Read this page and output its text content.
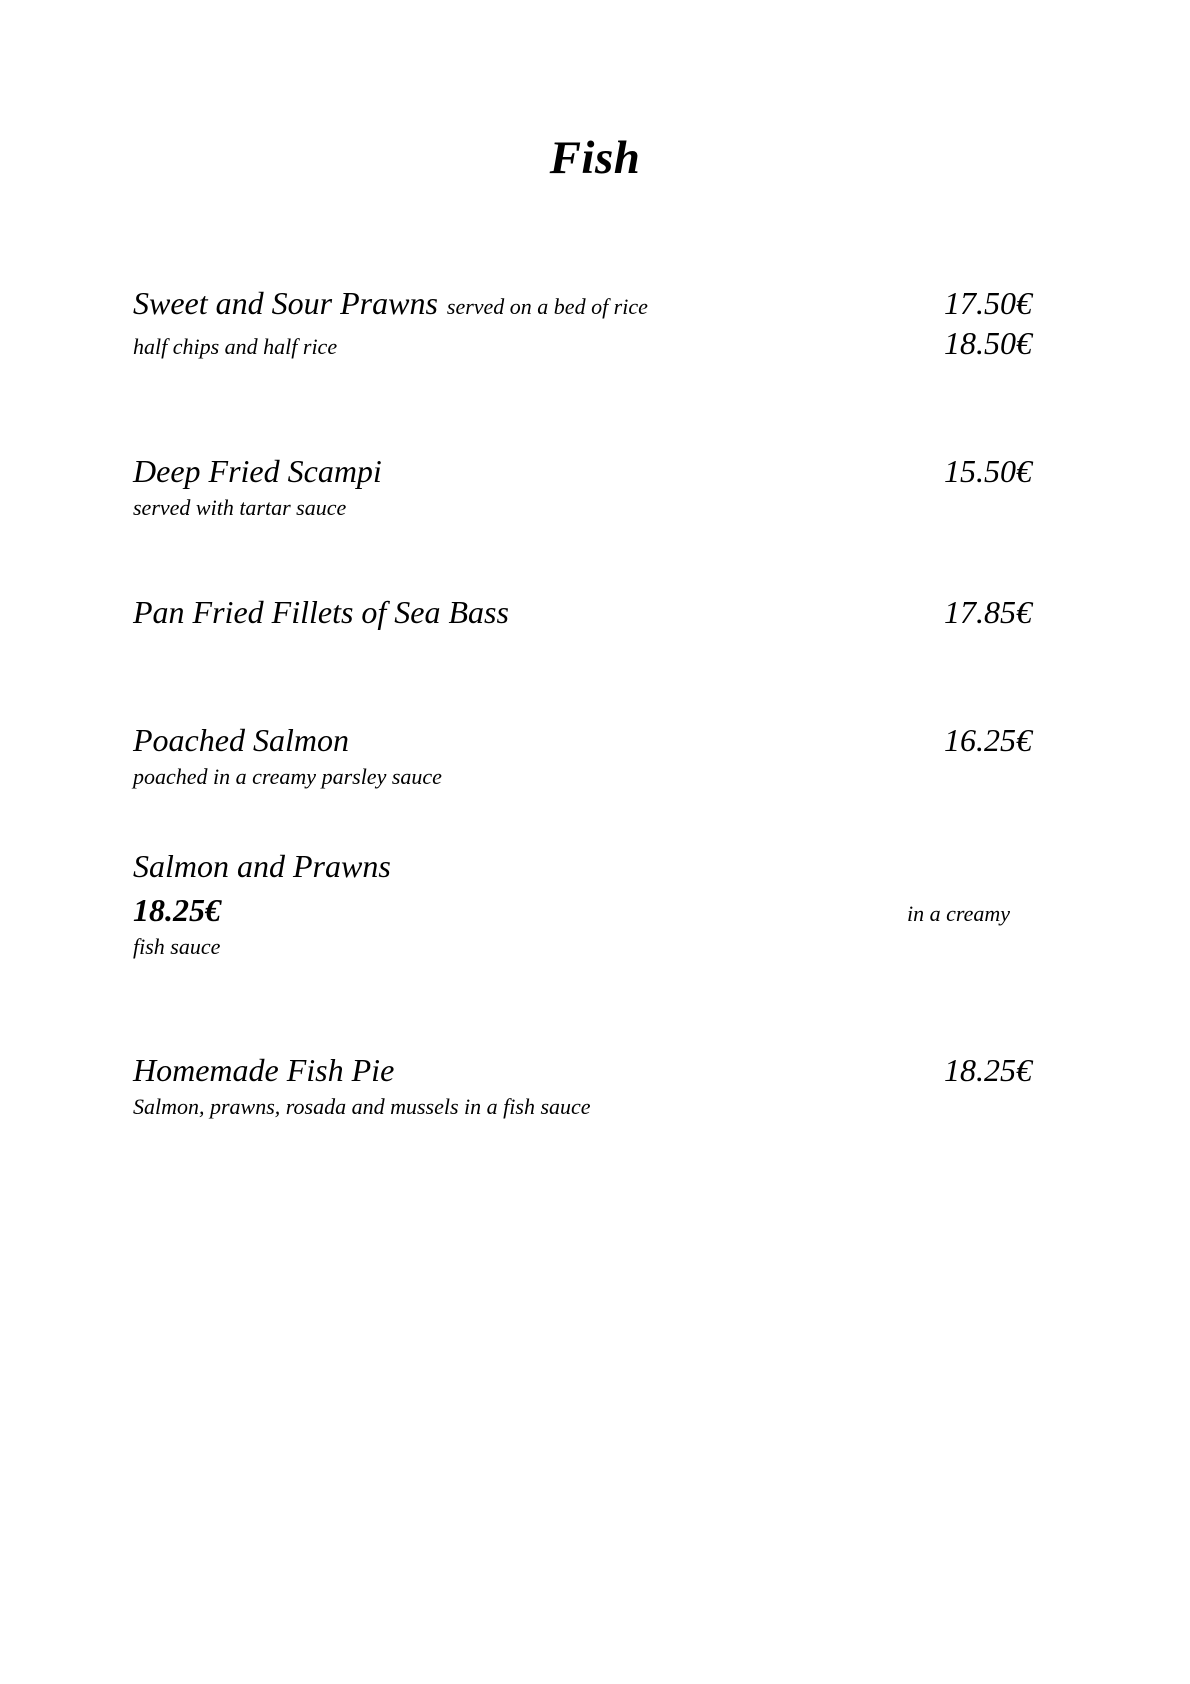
Fish
Sweet and Sour Prawns served on a bed of rice	17.50€
half chips and half rice	18.50€
Deep Fried Scampi	15.50€
served with tartar sauce
Pan Fried Fillets of Sea Bass	17.85€
Poached Salmon	16.25€
poached in a creamy parsley sauce
Salmon and Prawns
18.25€	in a creamy
fish sauce
Homemade Fish Pie	18.25€
Salmon, prawns, rosada and mussels in a fish sauce
